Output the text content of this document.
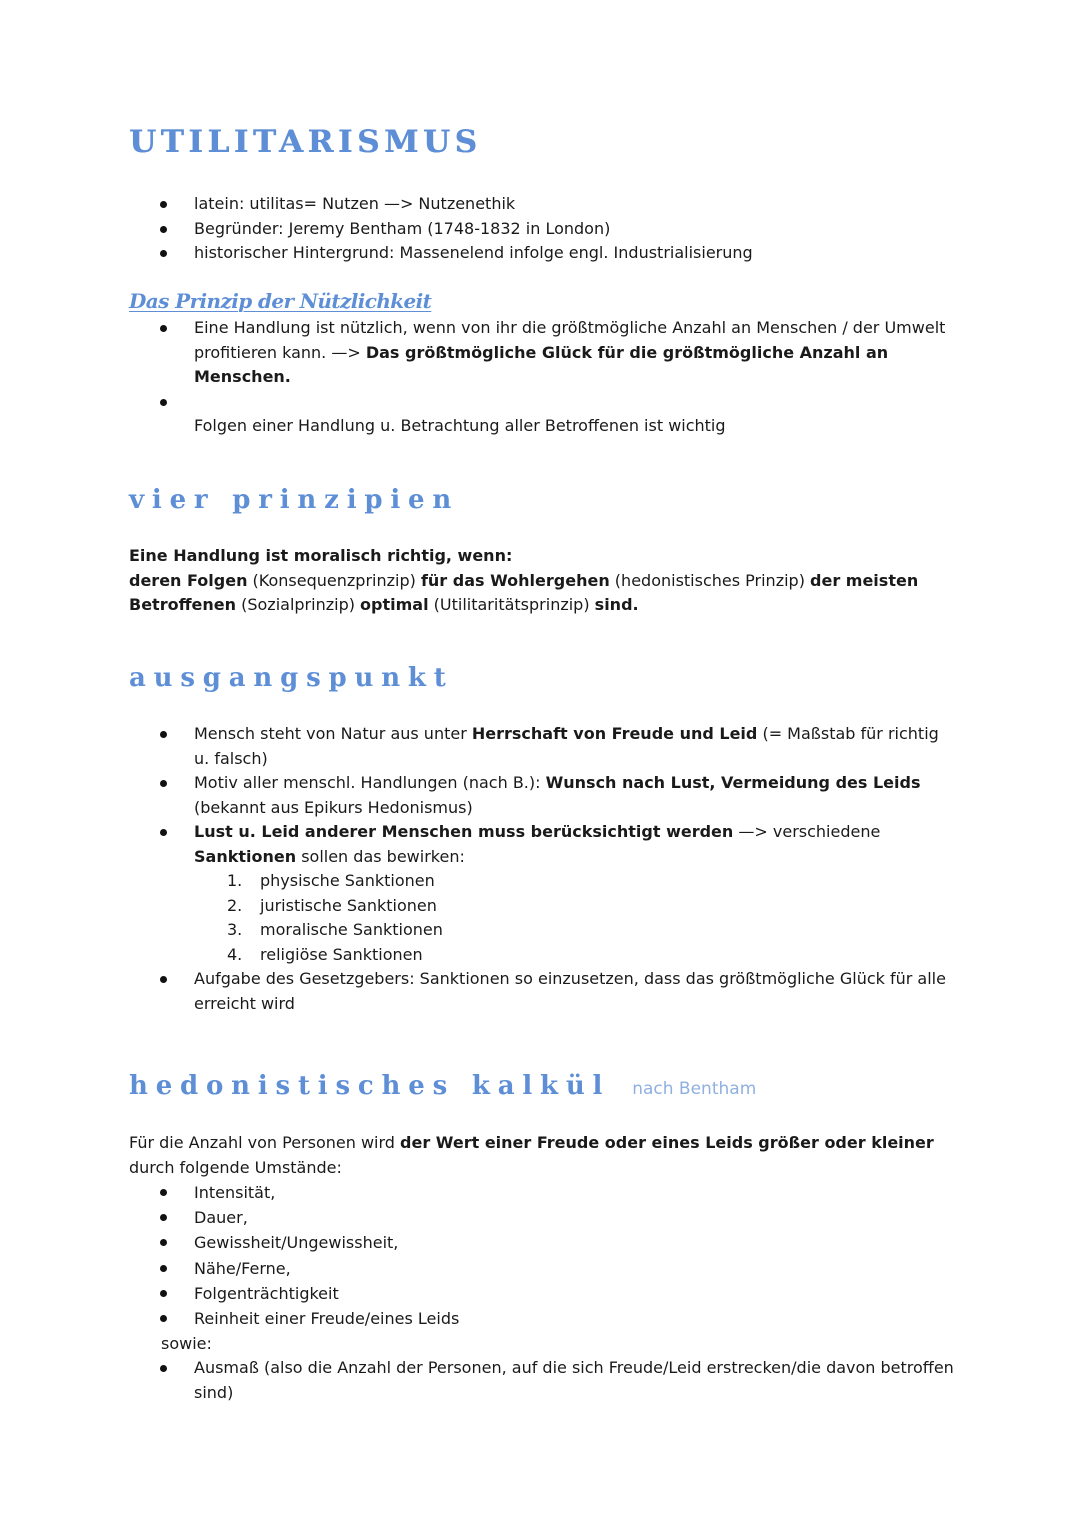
UTILITARISMUS
latein: utilitas= Nutzen —> Nutzenethik
Begründer: Jeremy Bentham (1748-1832 in London)
historischer Hintergrund: Massenelend infolge engl. Industrialisierung
Das Prinzip der Nützlichkeit
Eine Handlung ist nützlich, wenn von ihr die größtmögliche Anzahl an Menschen / der Umwelt profitieren kann. —> Das größtmögliche Glück für die größtmögliche Anzahl an Menschen.
Folgen einer Handlung u. Betrachtung aller Betroffenen ist wichtig
vier prinzipien
Eine Handlung ist moralisch richtig, wenn:
deren Folgen (Konsequenzprinzip) für das Wohlergehen (hedonistisches Prinzip) der meisten Betroffenen (Sozialprinzip) optimal (Utilitaritätsprinzip) sind.
ausgangspunkt
Mensch steht von Natur aus unter Herrschaft von Freude und Leid (= Maßstab für richtig u. falsch)
Motiv aller menschl. Handlungen (nach B.): Wunsch nach Lust, Vermeidung des Leids (bekannt aus Epikurs Hedonismus)
Lust u. Leid anderer Menschen muss berücksichtigt werden —> verschiedene Sanktionen sollen das bewirken:
1. physische Sanktionen
2. juristische Sanktionen
3. moralische Sanktionen
4. religiöse Sanktionen
Aufgabe des Gesetzgebers: Sanktionen so einzusetzen, dass das größtmögliche Glück für alle erreicht wird
hedonistisches kalkül nach Bentham
Für die Anzahl von Personen wird der Wert einer Freude oder eines Leids größer oder kleiner durch folgende Umstände:
Intensität,
Dauer,
Gewissheit/Ungewissheit,
Nähe/Ferne,
Folgenträchtigkeit
Reinheit einer Freude/eines Leids
sowie:
Ausmaß (also die Anzahl der Personen, auf die sich Freude/Leid erstrecken/die davon betroffen sind)
